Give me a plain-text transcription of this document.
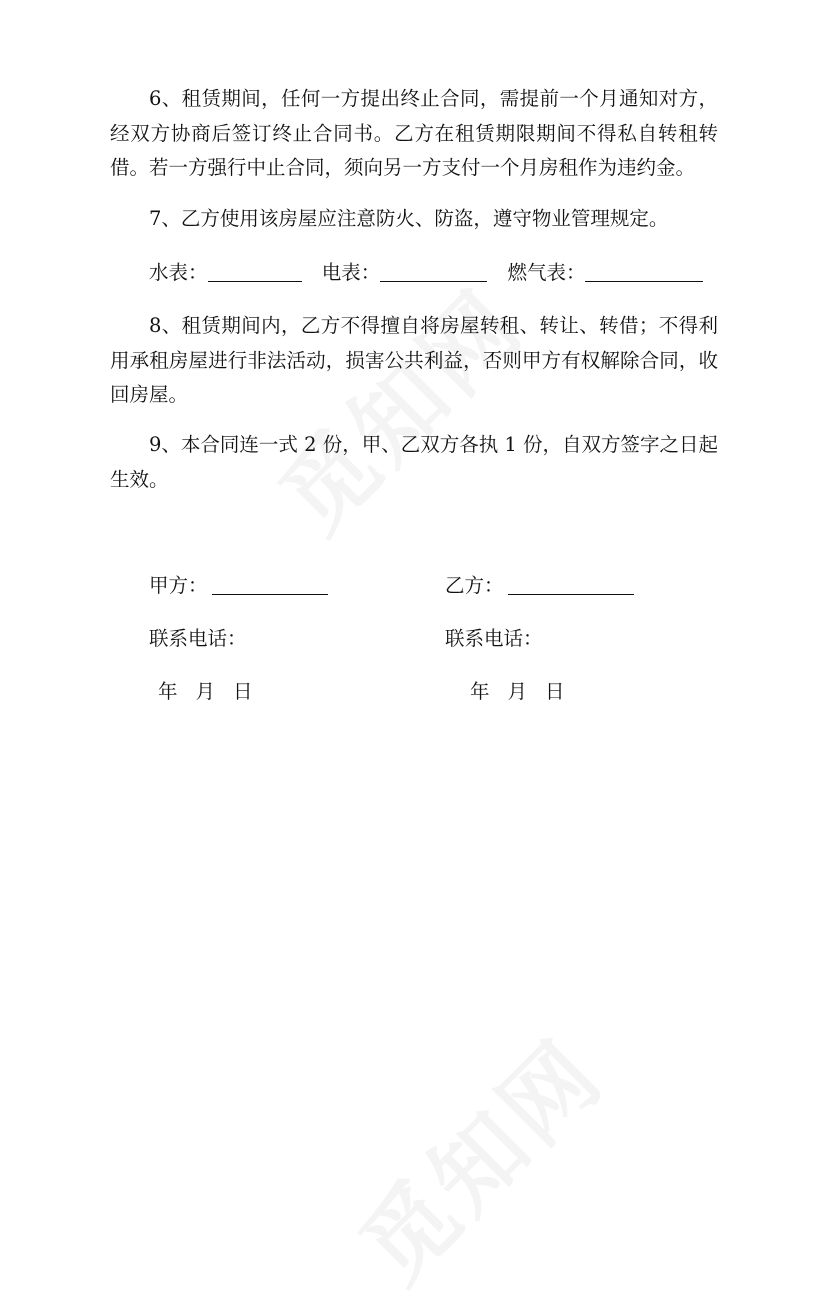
6、租赁期间，任何一方提出终止合同，需提前一个月通知对方，经双方协商后签订终止合同书。乙方在租赁期限期间不得私自转租转借。若一方强行中止合同，须向另一方支付一个月房租作为违约金。

7、乙方使用该房屋应注意防火、防盗，遵守物业管理规定。

水表：	电表：	燃气表：

8、租赁期间内，乙方不得擅自将房屋转租、转让、转借；不得利用承租房屋进行非法活动，损害公共利益，否则甲方有权解除合同，收回房屋。

9、本合同连一式 2 份，甲、乙双方各执 1 份，自双方签字之日起生效。

甲方：	乙方：
联系电话：	联系电话：
年 月 日	年 月 日
